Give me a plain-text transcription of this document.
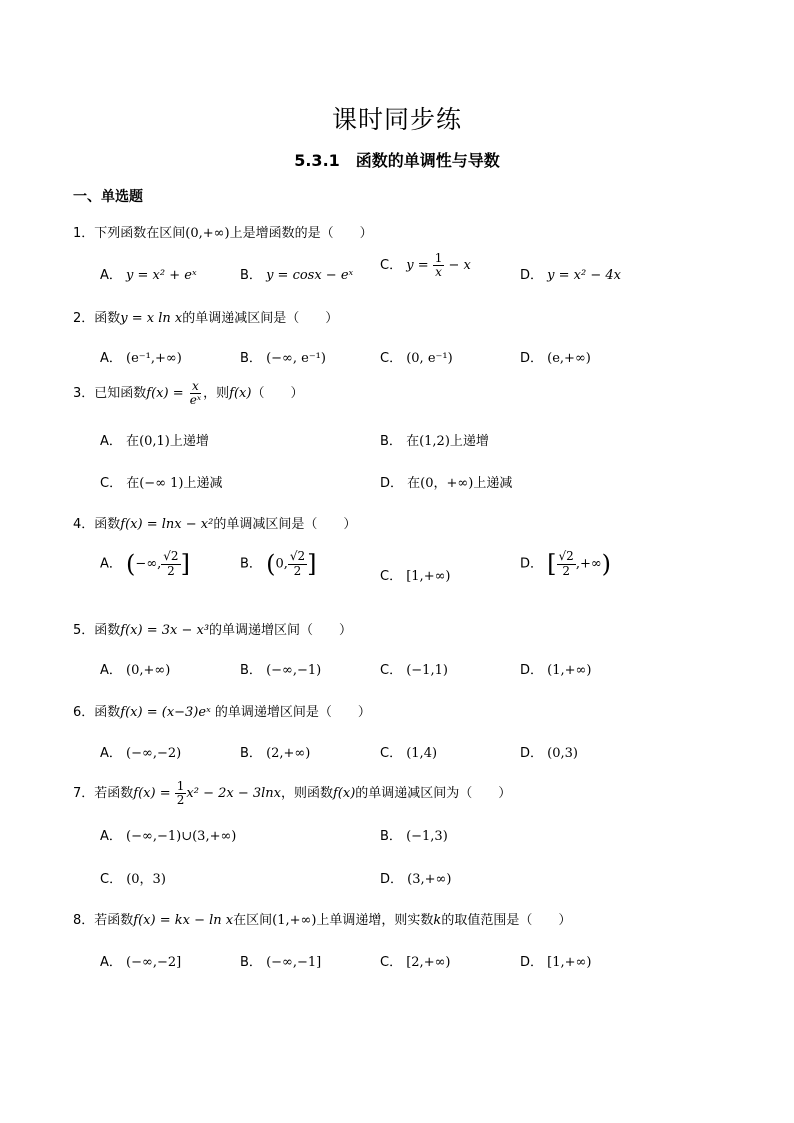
课时同步练
5.3.1　函数的单调性与导数
一、单选题
1．下列函数在区间(0,+∞)上是增函数的是（　　）
A． y = x² + eˣ	B． y = cosx − eˣ
C． $y = \frac{1}{x} - x$
D． y = x² − 4x
2．函数y = x ln x的单调递减区间是（　　）
A． (e⁻¹,+∞)	B． (−∞, e⁻¹)	C． (0, e⁻¹)	D． (e,+∞)
3．已知函数$f(x) = \frac{x}{\text{eˣ}}$ ，则f(x)（　　）
A． 在(0,1)上递增	B． 在(1,2)上递增
C． 在(−∞ 1)上递减	D． 在(0，+∞)上递减
4．函数f(x) = lnx − x²的单调减区间是（　　）
A． (−∞, $\frac{√2}{2}$ ]	B． (0, $\frac{√2}{2}$ ]	C． [1,+∞)
D． [ $\frac{√2}{2}$ ,+∞)
5．函数f(x) = 3x − x³的单调递增区间（　　）
A． (0,+∞)	B． (−∞,−1)	C． (−1,1)	D． (1,+∞)
6．函数f(x) = (x−3)eˣ 的单调递增区间是（　　）
A． (−∞,−2)	B． (2,+∞)	C． (1,4)	D． (0,3)
7．若函数$f(x) = \frac{1}{2} x^2 - 2x - 3\ln x$，则函数f(x)的单调递减区间为（　　）
A． (−∞,−1)∪(3,+∞)	B． (−1,3)
C． (0，3)	D． (3,+∞)
8．若函数f(x) = kx − ln x在区间(1,+∞)上单调递增，则实数k的取值范围是（　　）
A． (−∞,−2]	B． (−∞,−1]	C． [2,+∞)	D． [1,+∞)
